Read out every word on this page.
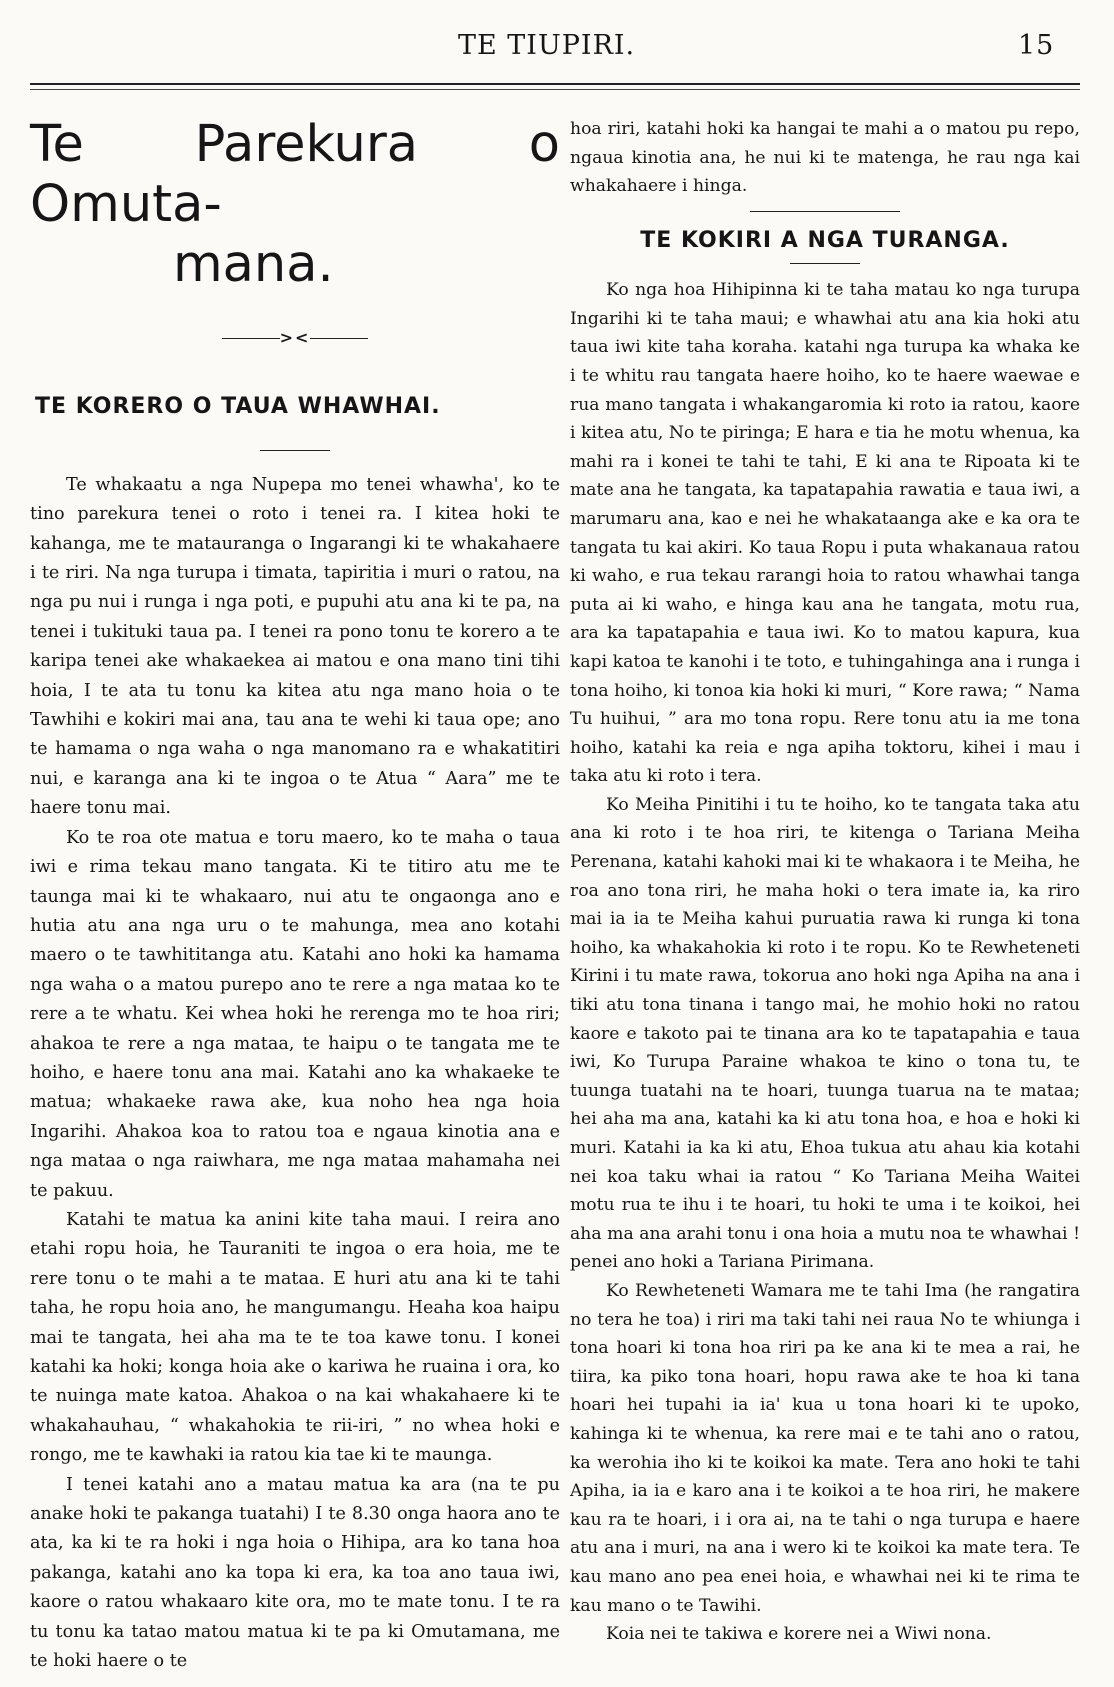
TE TIUPIRI.	15
Te Parekura o Omuta-
mana.
><
TE KORERO O TAUA WHAWHAI.

Te whakaatu a nga Nupepa mo tenei whawha', ko te tino parekura tenei o roto i tenei ra. I kitea hoki te kahanga, me te matauranga o Ingarangi ki te whakahaere i te riri. Na nga turupa i timata, tapiritia i muri o ratou, na nga pu nui i runga i nga poti, e pupuhi atu ana ki te pa, na tenei i tukituki taua pa. I tenei ra pono tonu te korero a te karipa tenei ake whakaekea ai matou e ona mano tini tihi hoia, I te ata tu tonu ka kitea atu nga mano hoia o te Tawhihi e kokiri mai ana, tau ana te wehi ki taua ope; ano te hamama o nga waha o nga manomano ra e whakatitiri nui, e karanga ana ki te ingoa o te Atua “ Aara” me te haere tonu mai.

Ko te roa ote matua e toru maero, ko te maha o taua iwi e rima tekau mano tangata. Ki te titiro atu me te taunga mai ki te whakaaro, nui atu te ongaonga ano e hutia atu ana nga uru o te mahunga, mea ano kotahi maero o te tawhititanga atu. Katahi ano hoki ka hamama nga waha o a matou purepo ano te rere a nga mataa ko te rere a te whatu. Kei whea hoki he rerenga mo te hoa riri; ahakoa te rere a nga mataa, te haipu o te tangata me te hoiho, e haere tonu ana mai. Katahi ano ka whakaeke te matua; whakaeke rawa ake, kua noho hea nga hoia Ingarihi. Ahakoa koa to ratou toa e ngaua kinotia ana e nga mataa o nga raiwhara, me nga mataa mahamaha nei te pakuu.

Katahi te matua ka anini kite taha maui. I reira ano etahi ropu hoia, he Tauraniti te ingoa o era hoia, me te rere tonu o te mahi a te mataa. E huri atu ana ki te tahi taha, he ropu hoia ano, he mangumangu. Heaha koa haipu mai te tangata, hei aha ma te te toa kawe tonu. I konei katahi ka hoki; konga hoia ake o kariwa he ruaina i ora, ko te nuinga mate katoa. Ahakoa o na kai whakahaere ki te whakahauhau, “ whakahokia te rii-iri, ” no whea hoki e rongo, me te kawhaki ia ratou kia tae ki te maunga.

I tenei katahi ano a matau matua ka ara (na te pu anake hoki te pakanga tuatahi) I te 8.30 onga haora ano te ata, ka ki te ra hoki i nga hoia o Hihipa, ara ko tana hoa pakanga, katahi ano ka topa ki era, ka toa ano taua iwi, kaore o ratou whakaaro kite ora, mo te mate tonu. I te ra tu tonu ka tatao matou matua ki te pa ki Omutamana, me te hoki haere o te

hoa riri, katahi hoki ka hangai te mahi a o matou pu repo, ngaua kinotia ana, he nui ki te matenga, he rau nga kai whakahaere i hinga.

TE KOKIRI A NGA TURANGA.

Ko nga hoa Hihipinna ki te taha matau ko nga turupa Ingarihi ki te taha maui; e whawhai atu ana kia hoki atu taua iwi kite taha koraha. katahi nga turupa ka whaka ke i te whitu rau tangata haere hoiho, ko te haere waewae e rua mano tangata i whakangaromia ki roto ia ratou, kaore i kitea atu, No te piringa; E hara e tia he motu whenua, ka mahi ra i konei te tahi te tahi, E ki ana te Ripoata ki te mate ana he tangata, ka tapatapahia rawatia e taua iwi, a marumaru ana, kao e nei he whakataanga ake e ka ora te tangata tu kai akiri. Ko taua Ropu i puta whakanaua ratou ki waho, e rua tekau rarangi hoia to ratou whawhai tanga puta ai ki waho, e hinga kau ana he tangata, motu rua, ara ka tapatapahia e taua iwi. Ko to matou kapura, kua kapi katoa te kanohi i te toto, e tuhingahinga ana i runga i tona hoiho, ki tonoa kia hoki ki muri, “ Kore rawa; “ Nama Tu huihui, ” ara mo tona ropu. Rere tonu atu ia me tona hoiho, katahi ka reia e nga apiha toktoru, kihei i mau i taka atu ki roto i tera.

Ko Meiha Pinitihi i tu te hoiho, ko te tangata taka atu ana ki roto i te hoa riri, te kitenga o Tariana Meiha Perenana, katahi kahoki mai ki te whakaora i te Meiha, he roa ano tona riri, he maha hoki o tera imate ia, ka riro mai ia ia te Meiha kahui puruatia rawa ki runga ki tona hoiho, ka whakahokia ki roto i te ropu. Ko te Rewheteneti Kirini i tu mate rawa, tokorua ano hoki nga Apiha na ana i tiki atu tona tinana i tango mai, he mohio hoki no ratou kaore e takoto pai te tinana ara ko te tapatapahia e taua iwi, Ko Turupa Paraine whakoa te kino o tona tu, te tuunga tuatahi na te hoari, tuunga tuarua na te mataa; hei aha ma ana, katahi ka ki atu tona hoa, e hoa e hoki ki muri. Katahi ia ka ki atu, Ehoa tukua atu ahau kia kotahi nei koa taku whai ia ratou “ Ko Tariana Meiha Waitei motu rua te ihu i te hoari, tu hoki te uma i te koikoi, hei aha ma ana arahi tonu i ona hoia a mutu noa te whawhai ! penei ano hoki a Tariana Pirimana.

Ko Rewheteneti Wamara me te tahi Ima (he rangatira no tera he toa) i riri ma taki tahi nei raua No te whiunga i tona hoari ki tona hoa riri pa ke ana ki te mea a rai, he tiira, ka piko tona hoari, hopu rawa ake te hoa ki tana hoari hei tupahi ia ia' kua u tona hoari ki te upoko, kahinga ki te whenua, ka rere mai e te tahi ano o ratou, ka werohia iho ki te koikoi ka mate. Tera ano hoki te tahi Apiha, ia ia e karo ana i te koikoi a te hoa riri, he makere kau ra te hoari, i i ora ai, na te tahi o nga turupa e haere atu ana i muri, na ana i wero ki te koikoi ka mate tera. Te kau mano ano pea enei hoia, e whawhai nei ki te rima te kau mano o te Tawihi.

Koia nei te takiwa e korere nei a Wiwi nona.
